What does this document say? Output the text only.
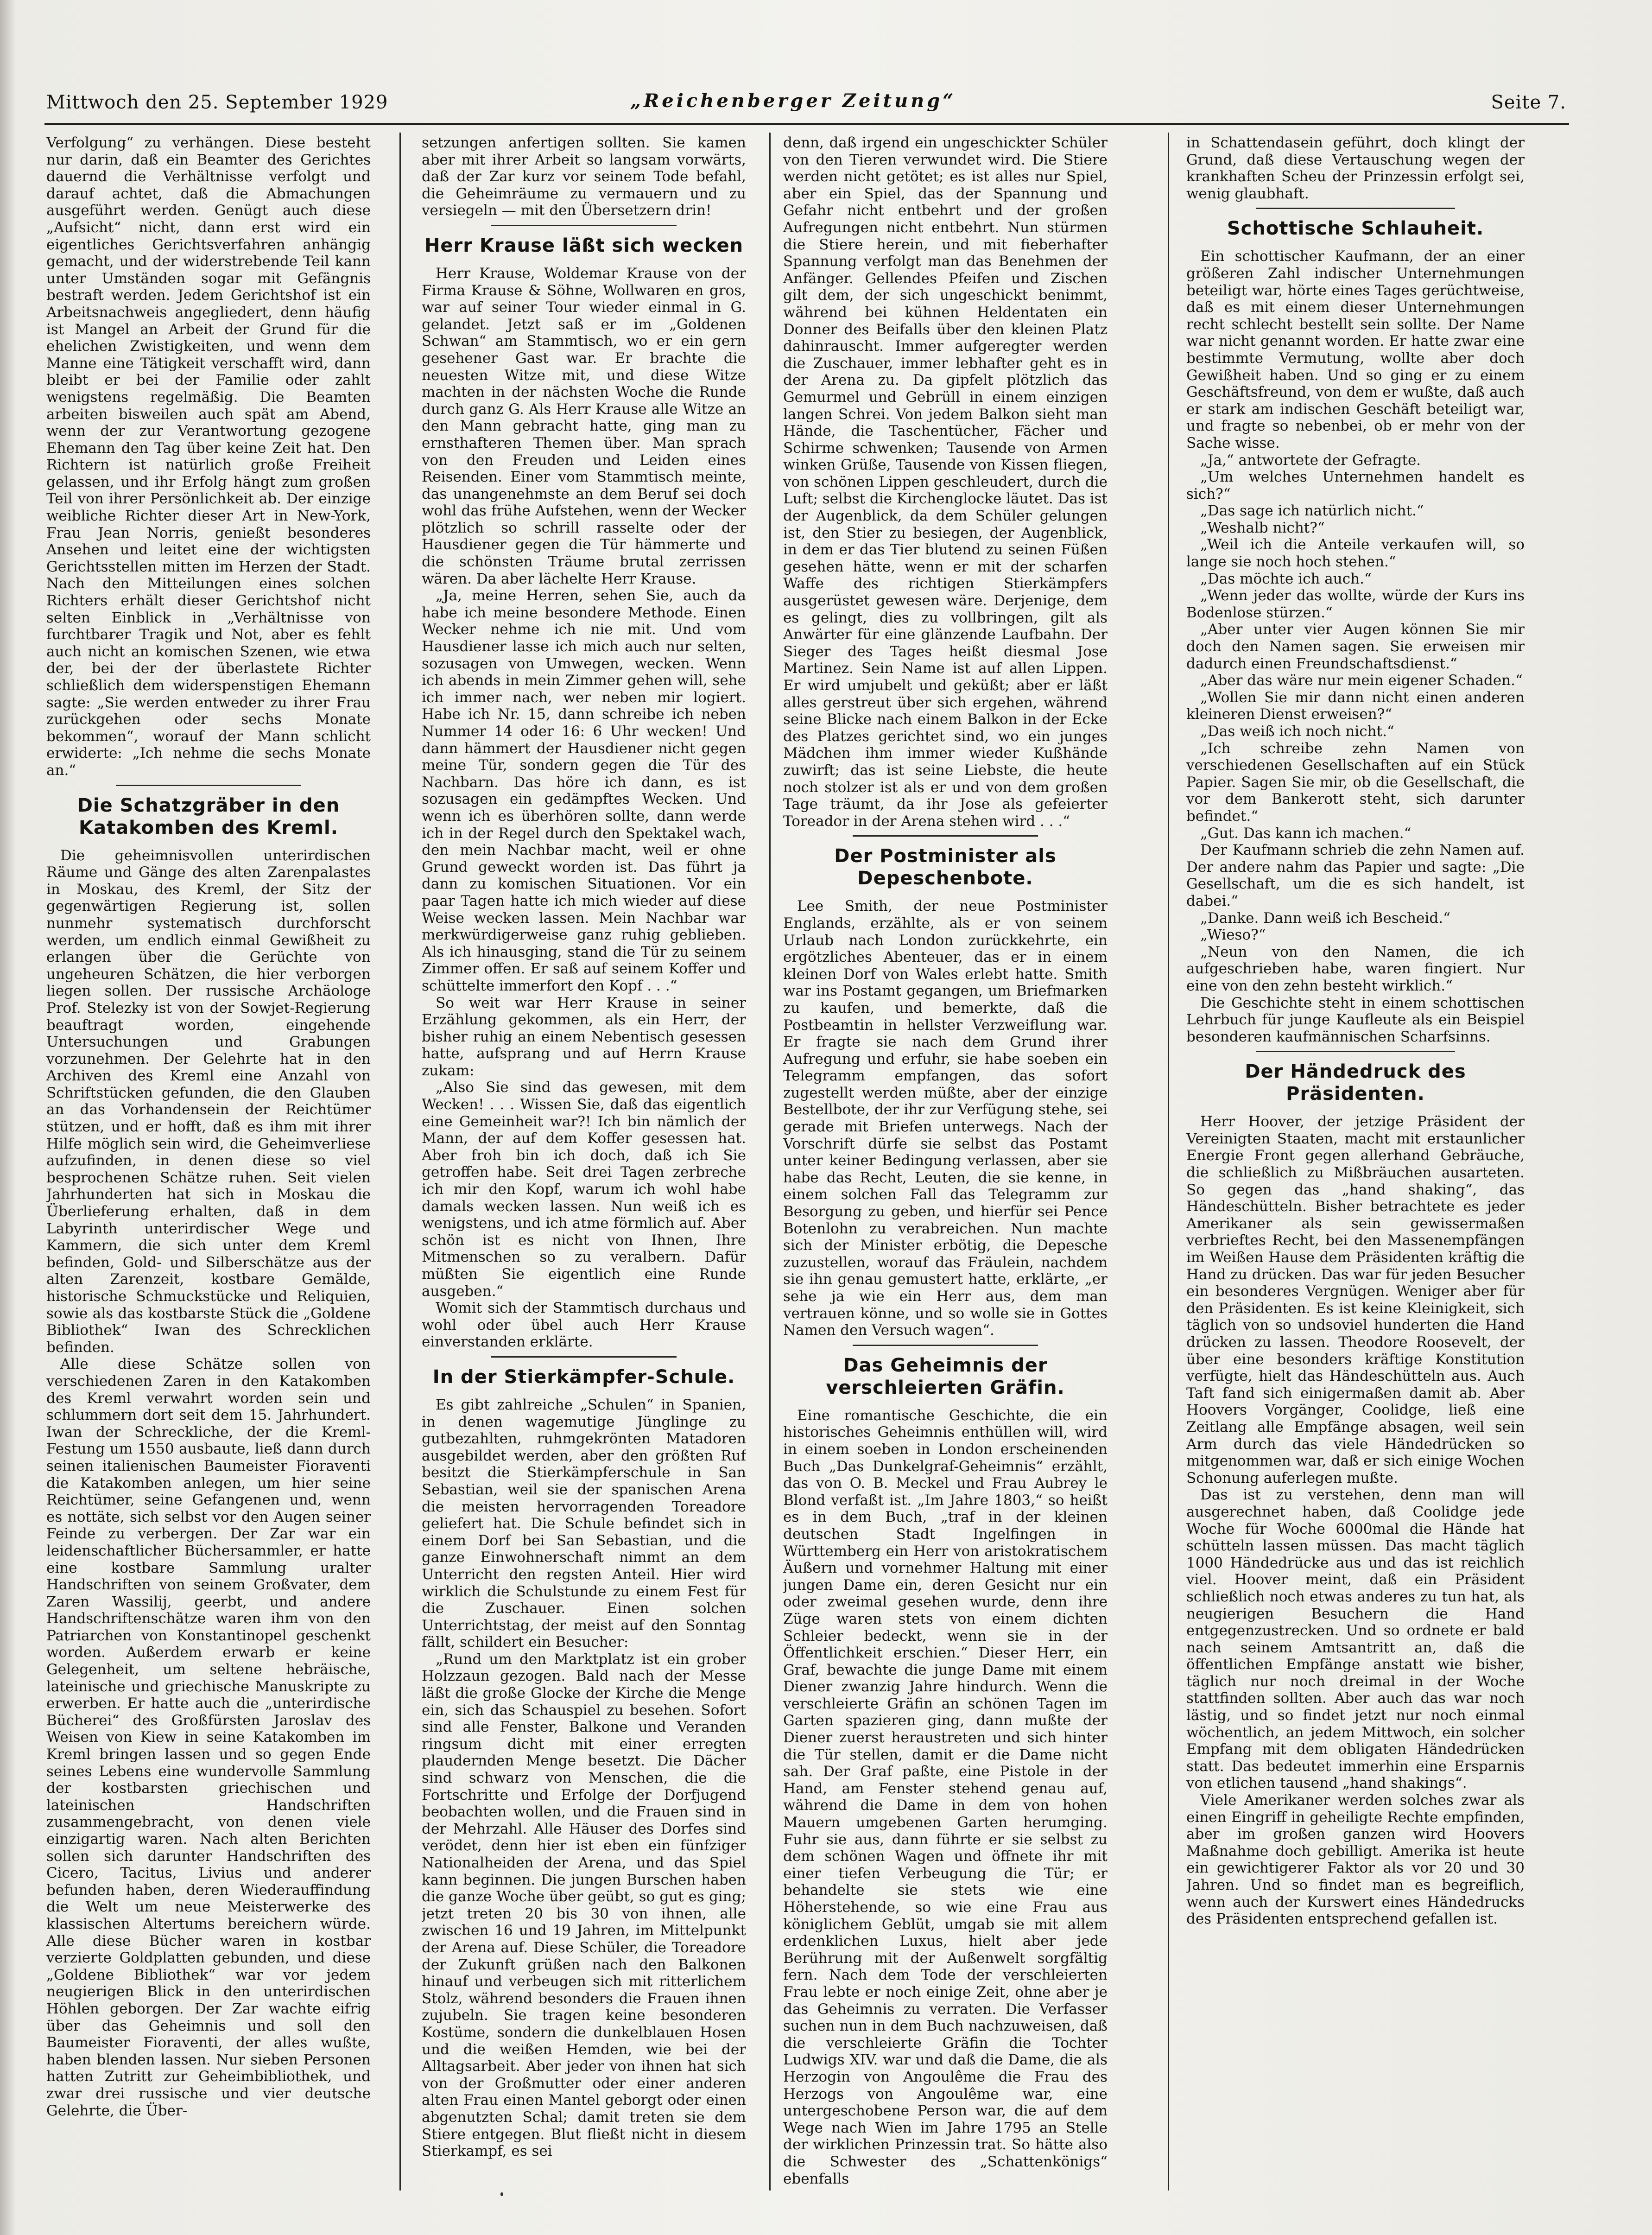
Mittwoch den 25. September 1929	„Reichenberger Zeitung“	Seite 7.

Verfolgung“ zu verhängen. Diese besteht nur darin, daß ein Beamter des Gerichtes dauernd die Verhältnisse verfolgt und darauf achtet, daß die Abmachungen ausgeführt werden. Genügt auch diese „Aufsicht“ nicht, dann erst wird ein eigentliches Gerichtsverfahren anhängig gemacht, und der widerstrebende Teil kann unter Umständen sogar mit Gefängnis bestraft werden. Jedem Gerichtshof ist ein Arbeitsnachweis angegliedert, denn häufig ist Mangel an Arbeit der Grund für die ehelichen Zwistigkeiten, und wenn dem Manne eine Tätigkeit verschafft wird, dann bleibt er bei der Familie oder zahlt wenigstens regelmäßig. Die Beamten arbeiten bisweilen auch spät am Abend, wenn der zur Verantwortung gezogene Ehemann den Tag über keine Zeit hat. Den Richtern ist natürlich große Freiheit gelassen, und ihr Erfolg hängt zum großen Teil von ihrer Persönlichkeit ab. Der einzige weibliche Richter dieser Art in New-York, Frau Jean Norris, genießt besonderes Ansehen und leitet eine der wichtigsten Gerichtsstellen mitten im Herzen der Stadt. Nach den Mitteilungen eines solchen Richters erhält dieser Gerichtshof nicht selten Einblick in „Verhältnisse von furchtbarer Tragik und Not, aber es fehlt auch nicht an komischen Szenen, wie etwa der, bei der der überlastete Richter schließlich dem widerspenstigen Ehemann sagte: „Sie werden entweder zu ihrer Frau zurückgehen oder sechs Monate bekommen“, worauf der Mann schlicht erwiderte: „Ich nehme die sechs Monate an.“

Die Schatzgräber in den Katakomben des Kreml.

Die geheimnisvollen unterirdischen Räume und Gänge des alten Zarenpalastes in Moskau, des Kreml, der Sitz der gegenwärtigen Regierung ist, sollen nunmehr systematisch durchforscht werden, um endlich einmal Gewißheit zu erlangen über die Gerüchte von ungeheuren Schätzen, die hier verborgen liegen sollen. Der russische Archäologe Prof. Stelezky ist von der Sowjet-Regierung beauftragt worden, eingehende Untersuchungen und Grabungen vorzunehmen. Der Gelehrte hat in den Archiven des Kreml eine Anzahl von Schriftstücken gefunden, die den Glauben an das Vorhandensein der Reichtümer stützen, und er hofft, daß es ihm mit ihrer Hilfe möglich sein wird, die Geheimverliese aufzufinden, in denen diese so viel besprochenen Schätze ruhen. Seit vielen Jahrhunderten hat sich in Moskau die Überlieferung erhalten, daß in dem Labyrinth unterirdischer Wege und Kammern, die sich unter dem Kreml befinden, Gold- und Silberschätze aus der alten Zarenzeit, kostbare Gemälde, historische Schmuckstücke und Reliquien, sowie als das kostbarste Stück die „Goldene Bibliothek“ Iwan des Schrecklichen befinden.

Alle diese Schätze sollen von verschiedenen Zaren in den Katakomben des Kreml verwahrt worden sein und schlummern dort seit dem 15. Jahrhundert. Iwan der Schreckliche, der die Kreml-Festung um 1550 ausbaute, ließ dann durch seinen italienischen Baumeister Fioraventi die Katakomben anlegen, um hier seine Reichtümer, seine Gefangenen und, wenn es nottäte, sich selbst vor den Augen seiner Feinde zu verbergen. Der Zar war ein leidenschaftlicher Büchersammler, er hatte eine kostbare Sammlung uralter Handschriften von seinem Großvater, dem Zaren Wassilij, geerbt, und andere Handschriftenschätze waren ihm von den Patriarchen von Konstantinopel geschenkt worden. Außerdem erwarb er keine Gelegenheit, um seltene hebräische, lateinische und griechische Manuskripte zu erwerben. Er hatte auch die „unterirdische Bücherei“ des Großfürsten Jaroslav des Weisen von Kiew in seine Katakomben im Kreml bringen lassen und so gegen Ende seines Lebens eine wundervolle Sammlung der kostbarsten griechischen und lateinischen Handschriften zusammengebracht, von denen viele einzigartig waren. Nach alten Berichten sollen sich darunter Handschriften des Cicero, Tacitus, Livius und anderer befunden haben, deren Wiederauffindung die Welt um neue Meisterwerke des klassischen Altertums bereichern würde. Alle diese Bücher waren in kostbar verzierte Goldplatten gebunden, und diese „Goldene Bibliothek“ war vor jedem neugierigen Blick in den unterirdischen Höhlen geborgen. Der Zar wachte eifrig über das Geheimnis und soll den Baumeister Fioraventi, der alles wußte, haben blenden lassen. Nur sieben Personen hatten Zutritt zur Geheimbibliothek, und zwar drei russische und vier deutsche Gelehrte, die Über-

setzungen anfertigen sollten. Sie kamen aber mit ihrer Arbeit so langsam vorwärts, daß der Zar kurz vor seinem Tode befahl, die Geheimräume zu vermauern und zu versiegeln — mit den Übersetzern drin!

Herr Krause läßt sich wecken

Herr Krause, Woldemar Krause von der Firma Krause & Söhne, Wollwaren en gros, war auf seiner Tour wieder einmal in G. gelandet. Jetzt saß er im „Goldenen Schwan“ am Stammtisch, wo er ein gern gesehener Gast war. Er brachte die neuesten Witze mit, und diese Witze machten in der nächsten Woche die Runde durch ganz G. Als Herr Krause alle Witze an den Mann gebracht hatte, ging man zu ernsthafteren Themen über. Man sprach von den Freuden und Leiden eines Reisenden. Einer vom Stammtisch meinte, das unangenehmste an dem Beruf sei doch wohl das frühe Aufstehen, wenn der Wecker plötzlich so schrill rasselte oder der Hausdiener gegen die Tür hämmerte und die schönsten Träume brutal zerrissen wären. Da aber lächelte Herr Krause.

„Ja, meine Herren, sehen Sie, auch da habe ich meine besondere Methode. Einen Wecker nehme ich nie mit. Und vom Hausdiener lasse ich mich auch nur selten, sozusagen von Umwegen, wecken. Wenn ich abends in mein Zimmer gehen will, sehe ich immer nach, wer neben mir logiert. Habe ich Nr. 15, dann schreibe ich neben Nummer 14 oder 16: 6 Uhr wecken! Und dann hämmert der Hausdiener nicht gegen meine Tür, sondern gegen die Tür des Nachbarn. Das höre ich dann, es ist sozusagen ein gedämpftes Wecken. Und wenn ich es überhören sollte, dann werde ich in der Regel durch den Spektakel wach, den mein Nachbar macht, weil er ohne Grund geweckt worden ist. Das führt ja dann zu komischen Situationen. Vor ein paar Tagen hatte ich mich wieder auf diese Weise wecken lassen. Mein Nachbar war merkwürdigerweise ganz ruhig geblieben. Als ich hinausging, stand die Tür zu seinem Zimmer offen. Er saß auf seinem Koffer und schüttelte immerfort den Kopf . . .“

So weit war Herr Krause in seiner Erzählung gekommen, als ein Herr, der bisher ruhig an einem Nebentisch gesessen hatte, aufsprang und auf Herrn Krause zukam:

„Also Sie sind das gewesen, mit dem Wecken! . . . Wissen Sie, daß das eigentlich eine Gemeinheit war?! Ich bin nämlich der Mann, der auf dem Koffer gesessen hat. Aber froh bin ich doch, daß ich Sie getroffen habe. Seit drei Tagen zerbreche ich mir den Kopf, warum ich wohl habe damals wecken lassen. Nun weiß ich es wenigstens, und ich atme förmlich auf. Aber schön ist es nicht von Ihnen, Ihre Mitmenschen so zu veralbern. Dafür müßten Sie eigentlich eine Runde ausgeben.“

Womit sich der Stammtisch durchaus und wohl oder übel auch Herr Krause einverstanden erklärte.

In der Stierkämpfer-Schule.

Es gibt zahlreiche „Schulen“ in Spanien, in denen wagemutige Jünglinge zu gutbezahlten, ruhmgekrönten Matadoren ausgebildet werden, aber den größten Ruf besitzt die Stierkämpferschule in San Sebastian, weil sie der spanischen Arena die meisten hervorragenden Toreadore geliefert hat. Die Schule befindet sich in einem Dorf bei San Sebastian, und die ganze Einwohnerschaft nimmt an dem Unterricht den regsten Anteil. Hier wird wirklich die Schulstunde zu einem Fest für die Zuschauer. Einen solchen Unterrichtstag, der meist auf den Sonntag fällt, schildert ein Besucher:

„Rund um den Marktplatz ist ein grober Holzzaun gezogen. Bald nach der Messe läßt die große Glocke der Kirche die Menge ein, sich das Schauspiel zu besehen. Sofort sind alle Fenster, Balkone und Veranden ringsum dicht mit einer erregten plaudernden Menge besetzt. Die Dächer sind schwarz von Menschen, die die Fortschritte und Erfolge der Dorfjugend beobachten wollen, und die Frauen sind in der Mehrzahl. Alle Häuser des Dorfes sind verödet, denn hier ist eben ein fünfziger Nationalheiden der Arena, und das Spiel kann beginnen. Die jungen Burschen haben die ganze Woche über geübt, so gut es ging; jetzt treten 20 bis 30 von ihnen, alle zwischen 16 und 19 Jahren, im Mittelpunkt der Arena auf. Diese Schüler, die Toreadore der Zukunft grüßen nach den Balkonen hinauf und verbeugen sich mit ritterlichem Stolz, während besonders die Frauen ihnen zujubeln. Sie tragen keine besonderen Kostüme, sondern die dunkelblauen Hosen und die weißen Hemden, wie bei der Alltagsarbeit. Aber jeder von ihnen hat sich von der Großmutter oder einer anderen alten Frau einen Mantel geborgt oder einen abgenutzten Schal; damit treten sie dem Stiere entgegen. Blut fließt nicht in diesem Stierkampf, es sei

denn, daß irgend ein ungeschickter Schüler von den Tieren verwundet wird. Die Stiere werden nicht getötet; es ist alles nur Spiel, aber ein Spiel, das der Spannung und Gefahr nicht entbehrt und der großen Aufregungen nicht entbehrt. Nun stürmen die Stiere herein, und mit fieberhafter Spannung verfolgt man das Benehmen der Anfänger. Gellendes Pfeifen und Zischen gilt dem, der sich ungeschickt benimmt, während bei kühnen Heldentaten ein Donner des Beifalls über den kleinen Platz dahinrauscht. Immer aufgeregter werden die Zuschauer, immer lebhafter geht es in der Arena zu. Da gipfelt plötzlich das Gemurmel und Gebrüll in einem einzigen langen Schrei. Von jedem Balkon sieht man Hände, die Taschentücher, Fächer und Schirme schwenken; Tausende von Armen winken Grüße, Tausende von Kissen fliegen, von schönen Lippen geschleudert, durch die Luft; selbst die Kirchenglocke läutet. Das ist der Augenblick, da dem Schüler gelungen ist, den Stier zu besiegen, der Augenblick, in dem er das Tier blutend zu seinen Füßen gesehen hätte, wenn er mit der scharfen Waffe des richtigen Stierkämpfers ausgerüstet gewesen wäre. Derjenige, dem es gelingt, dies zu vollbringen, gilt als Anwärter für eine glänzende Laufbahn. Der Sieger des Tages heißt diesmal Jose Martinez. Sein Name ist auf allen Lippen. Er wird umjubelt und geküßt; aber er läßt alles gerstreut über sich ergehen, während seine Blicke nach einem Balkon in der Ecke des Platzes gerichtet sind, wo ein junges Mädchen ihm immer wieder Kußhände zuwirft; das ist seine Liebste, die heute noch stolzer ist als er und von dem großen Tage träumt, da ihr Jose als gefeierter Toreador in der Arena stehen wird . . .“

Der Postminister als Depeschenbote.

Lee Smith, der neue Postminister Englands, erzählte, als er von seinem Urlaub nach London zurückkehrte, ein ergötzliches Abenteuer, das er in einem kleinen Dorf von Wales erlebt hatte. Smith war ins Postamt gegangen, um Briefmarken zu kaufen, und bemerkte, daß die Postbeamtin in hellster Verzweiflung war. Er fragte sie nach dem Grund ihrer Aufregung und erfuhr, sie habe soeben ein Telegramm empfangen, das sofort zugestellt werden müßte, aber der einzige Bestellbote, der ihr zur Verfügung stehe, sei gerade mit Briefen unterwegs. Nach der Vorschrift dürfe sie selbst das Postamt unter keiner Bedingung verlassen, aber sie habe das Recht, Leuten, die sie kenne, in einem solchen Fall das Telegramm zur Besorgung zu geben, und hierfür sei Pence Botenlohn zu verabreichen. Nun machte sich der Minister erbötig, die Depesche zuzustellen, worauf das Fräulein, nachdem sie ihn genau gemustert hatte, erklärte, „er sehe ja wie ein Herr aus, dem man vertrauen könne, und so wolle sie in Gottes Namen den Versuch wagen“.

Das Geheimnis der verschleierten Gräfin.

Eine romantische Geschichte, die ein historisches Geheimnis enthüllen will, wird in einem soeben in London erscheinenden Buch „Das Dunkelgraf-Geheimnis“ erzählt, das von O. B. Meckel und Frau Aubrey le Blond verfaßt ist. „Im Jahre 1803,“ so heißt es in dem Buch, „traf in der kleinen deutschen Stadt Ingelfingen in Württemberg ein Herr von aristokratischem Äußern und vornehmer Haltung mit einer jungen Dame ein, deren Gesicht nur ein oder zweimal gesehen wurde, denn ihre Züge waren stets von einem dichten Schleier bedeckt, wenn sie in der Öffentlichkeit erschien.“ Dieser Herr, ein Graf, bewachte die junge Dame mit einem Diener zwanzig Jahre hindurch. Wenn die verschleierte Gräfin an schönen Tagen im Garten spazieren ging, dann mußte der Diener zuerst heraustreten und sich hinter die Tür stellen, damit er die Dame nicht sah. Der Graf paßte, eine Pistole in der Hand, am Fenster stehend genau auf, während die Dame in dem von hohen Mauern umgebenen Garten herumging. Fuhr sie aus, dann führte er sie selbst zu dem schönen Wagen und öffnete ihr mit einer tiefen Verbeugung die Tür; er behandelte sie stets wie eine Höherstehende, so wie eine Frau aus königlichem Geblüt, umgab sie mit allem erdenklichen Luxus, hielt aber jede Berührung mit der Außenwelt sorgfältig fern. Nach dem Tode der verschleierten Frau lebte er noch einige Zeit, ohne aber je das Geheimnis zu verraten. Die Verfasser suchen nun in dem Buch nachzuweisen, daß die verschleierte Gräfin die Tochter Ludwigs XIV. war und daß die Dame, die als Herzogin von Angoulême die Frau des Herzogs von Angoulême war, eine untergeschobene Person war, die auf dem Wege nach Wien im Jahre 1795 an Stelle der wirklichen Prinzessin trat. So hätte also die Schwester des „Schattenkönigs“ ebenfalls

in Schattendasein geführt, doch klingt der Grund, daß diese Vertauschung wegen der krankhaften Scheu der Prinzessin erfolgt sei, wenig glaubhaft.

Schottische Schlauheit.

Ein schottischer Kaufmann, der an einer größeren Zahl indischer Unternehmungen beteiligt war, hörte eines Tages gerüchtweise, daß es mit einem dieser Unternehmungen recht schlecht bestellt sein sollte. Der Name war nicht genannt worden. Er hatte zwar eine bestimmte Vermutung, wollte aber doch Gewißheit haben. Und so ging er zu einem Geschäftsfreund, von dem er wußte, daß auch er stark am indischen Geschäft beteiligt war, und fragte so nebenbei, ob er mehr von der Sache wisse.

„Ja,“ antwortete der Gefragte.

„Um welches Unternehmen handelt es sich?“

„Das sage ich natürlich nicht.“

„Weshalb nicht?“

„Weil ich die Anteile verkaufen will, so lange sie noch hoch stehen.“

„Das möchte ich auch.“

„Wenn jeder das wollte, würde der Kurs ins Bodenlose stürzen.“

„Aber unter vier Augen können Sie mir doch den Namen sagen. Sie erweisen mir dadurch einen Freundschaftsdienst.“

„Aber das wäre nur mein eigener Schaden.“

„Wollen Sie mir dann nicht einen anderen kleineren Dienst erweisen?“

„Das weiß ich noch nicht.“

„Ich schreibe zehn Namen von verschiedenen Gesellschaften auf ein Stück Papier. Sagen Sie mir, ob die Gesellschaft, die vor dem Bankerott steht, sich darunter befindet.“

„Gut. Das kann ich machen.“

Der Kaufmann schrieb die zehn Namen auf. Der andere nahm das Papier und sagte: „Die Gesellschaft, um die es sich handelt, ist dabei.“

„Danke. Dann weiß ich Bescheid.“

„Wieso?“

„Neun von den Namen, die ich aufgeschrieben habe, waren fingiert. Nur eine von den zehn besteht wirklich.“

Die Geschichte steht in einem schottischen Lehrbuch für junge Kaufleute als ein Beispiel besonderen kaufmännischen Scharfsinns.

Der Händedruck des Präsidenten.

Herr Hoover, der jetzige Präsident der Vereinigten Staaten, macht mit erstaunlicher Energie Front gegen allerhand Gebräuche, die schließlich zu Mißbräuchen ausarteten. So gegen das „hand shaking“, das Händeschütteln. Bisher betrachtete es jeder Amerikaner als sein gewissermaßen verbrieftes Recht, bei den Massenempfängen im Weißen Hause dem Präsidenten kräftig die Hand zu drücken. Das war für jeden Besucher ein besonderes Vergnügen. Weniger aber für den Präsidenten. Es ist keine Kleinigkeit, sich täglich von so undsoviel hunderten die Hand drücken zu lassen. Theodore Roosevelt, der über eine besonders kräftige Konstitution verfügte, hielt das Händeschütteln aus. Auch Taft fand sich einigermaßen damit ab. Aber Hoovers Vorgänger, Coolidge, ließ eine Zeitlang alle Empfänge absagen, weil sein Arm durch das viele Händedrücken so mitgenommen war, daß er sich einige Wochen Schonung auferlegen mußte.

Das ist zu verstehen, denn man will ausgerechnet haben, daß Coolidge jede Woche für Woche 6000mal die Hände hat schütteln lassen müssen. Das macht täglich 1000 Händedrücke aus und das ist reichlich viel. Hoover meint, daß ein Präsident schließlich noch etwas anderes zu tun hat, als neugierigen Besuchern die Hand entgegenzustrecken. Und so ordnete er bald nach seinem Amtsantritt an, daß die öffentlichen Empfänge anstatt wie bisher, täglich nur noch dreimal in der Woche stattfinden sollten. Aber auch das war noch lästig, und so findet jetzt nur noch einmal wöchentlich, an jedem Mittwoch, ein solcher Empfang mit dem obligaten Händedrücken statt. Das bedeutet immerhin eine Ersparnis von etlichen tausend „hand shakings“.

Viele Amerikaner werden solches zwar als einen Eingriff in geheiligte Rechte empfinden, aber im großen ganzen wird Hoovers Maßnahme doch gebilligt. Amerika ist heute ein gewichtigerer Faktor als vor 20 und 30 Jahren. Und so findet man es begreiflich, wenn auch der Kurswert eines Händedrucks des Präsidenten entsprechend gefallen ist.
